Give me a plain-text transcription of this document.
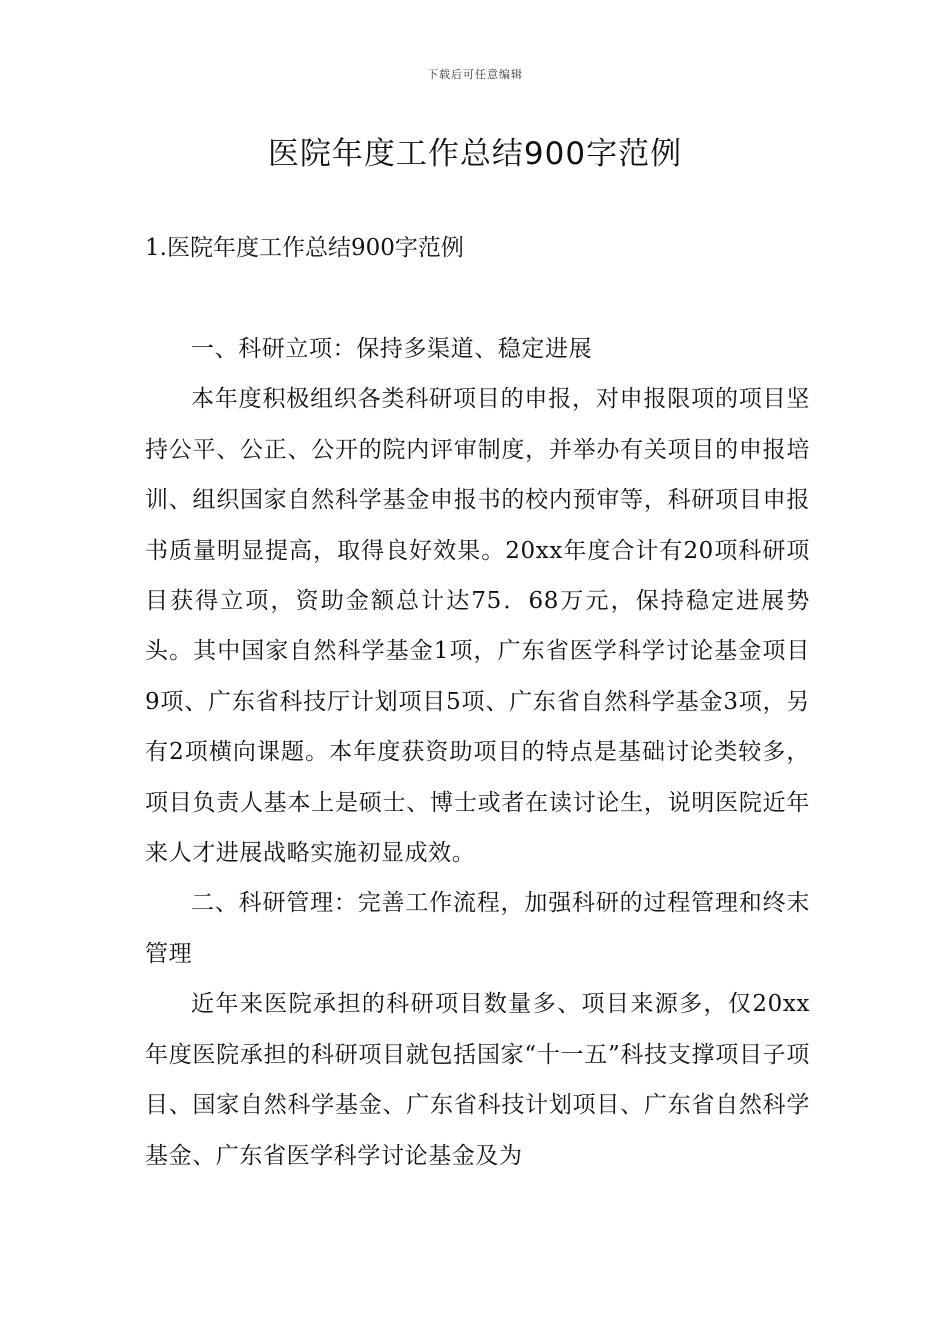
下载后可任意编辑
医院年度工作总结900字范例
1.医院年度工作总结900字范例

一、科研立项：保持多渠道、稳定进展

本年度积极组织各类科研项目的申报，对申报限项的项目坚持公平、公正、公开的院内评审制度，并举办有关项目的申报培训、组织国家自然科学基金申报书的校内预审等，科研项目申报书质量明显提高，取得良好效果。20xx年度合计有20项科研项目获得立项，资助金额总计达75．68万元，保持稳定进展势头。其中国家自然科学基金1项，广东省医学科学讨论基金项目9项、广东省科技厅计划项目5项、广东省自然科学基金3项，另有2项横向课题。本年度获资助项目的特点是基础讨论类较多，项目负责人基本上是硕士、博士或者在读讨论生，说明医院近年来人才进展战略实施初显成效。

二、科研管理：完善工作流程，加强科研的过程管理和终末管理

近年来医院承担的科研项目数量多、项目来源多，仅20xx年度医院承担的科研项目就包括国家“十一五”科技支撑项目子项目、国家自然科学基金、广东省科技计划项目、广东省自然科学基金、广东省医学科学讨论基金及为
